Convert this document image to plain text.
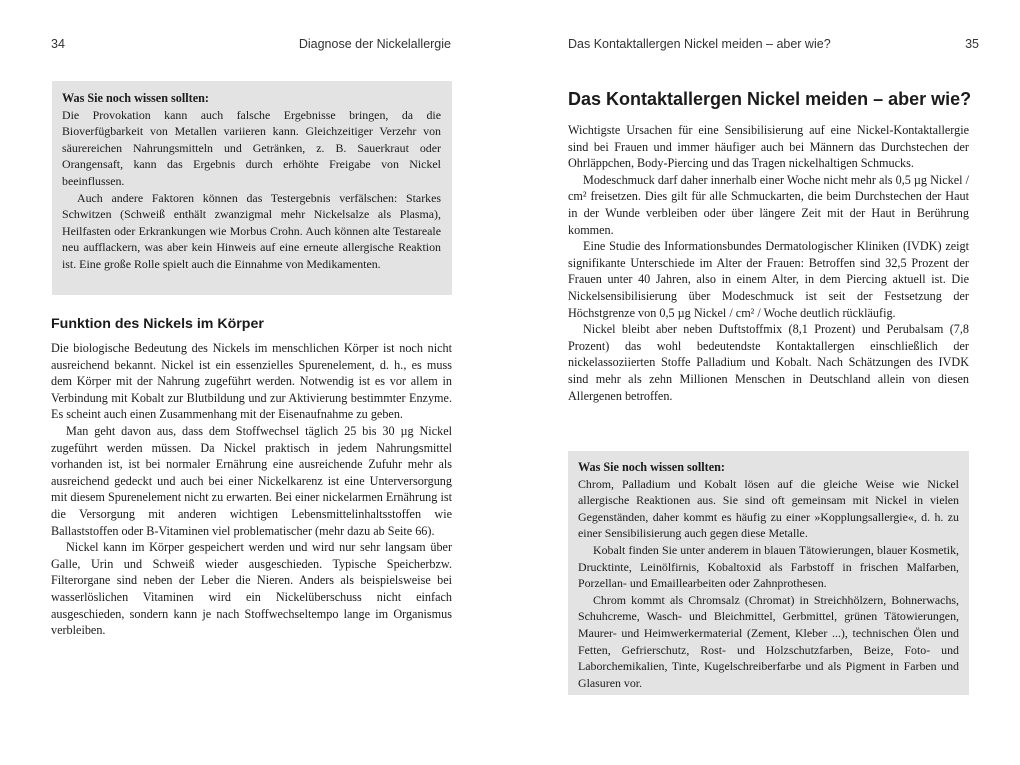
34	Diagnose der Nickelallergie

Was Sie noch wissen sollten:

Die Provokation kann auch falsche Ergebnisse bringen, da die Bioverfügbarkeit von Metallen variieren kann. Gleichzeitiger Verzehr von säurereichen Nahrungsmitteln und Getränken, z. B. Sauerkraut oder Orangensaft, kann das Ergebnis durch erhöhte Freigabe von Nickel beeinflussen.

Auch andere Faktoren können das Testergebnis verfälschen: Starkes Schwitzen (Schweiß enthält zwanzigmal mehr Nickelsalze als Plasma), Heilfasten oder Erkrankungen wie Morbus Crohn. Auch können alte Testareale neu aufflackern, was aber kein Hinweis auf eine erneute allergische Reaktion ist. Eine große Rolle spielt auch die Einnahme von Medikamenten.

Funktion des Nickels im Körper

Die biologische Bedeutung des Nickels im menschlichen Körper ist noch nicht ausreichend bekannt. Nickel ist ein essenzielles Spurenelement, d. h., es muss dem Körper mit der Nahrung zugeführt werden. Notwendig ist es vor allem in Verbindung mit Kobalt zur Blutbildung und zur Aktivierung bestimmter Enzyme. Es scheint auch einen Zusammenhang mit der Eisenaufnahme zu geben.

Man geht davon aus, dass dem Stoffwechsel täglich 25 bis 30 µg Nickel zugeführt werden müssen. Da Nickel praktisch in jedem Nahrungsmittel vorhanden ist, ist bei normaler Ernährung eine ausreichende Zufuhr mehr als ausreichend gedeckt und auch bei einer Nickelkarenz ist eine Unterversorgung mit diesem Spurenelement nicht zu erwarten. Bei einer nickelarmen Ernährung ist die Versorgung mit anderen wichtigen Lebensmittelinhaltsstoffen wie Ballaststoffen oder B-Vitaminen viel problematischer (mehr dazu ab Seite 66).

Nickel kann im Körper gespeichert werden und wird nur sehr langsam über Galle, Urin und Schweiß wieder ausgeschieden. Typische Speicherbzw. Filterorgane sind neben der Leber die Nieren. Anders als beispielsweise bei wasserlöslichen Vitaminen wird ein Nickelüberschuss nicht einfach ausgeschieden, sondern kann je nach Stoffwechseltempo lange im Organismus verbleiben.

Das Kontaktallergen Nickel meiden – aber wie?	35
Das Kontaktallergen Nickel meiden – aber wie?

Wichtigste Ursachen für eine Sensibilisierung auf eine Nickel-Kontaktallergie sind bei Frauen und immer häufiger auch bei Männern das Durchstechen der Ohrläppchen, Body-Piercing und das Tragen nickelhaltigen Schmucks.

Modeschmuck darf daher innerhalb einer Woche nicht mehr als 0,5 µg Nickel / cm² freisetzen. Dies gilt für alle Schmuckarten, die beim Durchstechen der Haut in der Wunde verbleiben oder über längere Zeit mit der Haut in Berührung kommen.

Eine Studie des Informationsbundes Dermatologischer Kliniken (IVDK) zeigt signifikante Unterschiede im Alter der Frauen: Betroffen sind 32,5 Prozent der Frauen unter 40 Jahren, also in einem Alter, in dem Piercing aktuell ist. Die Nickelsensibilisierung über Modeschmuck ist seit der Festsetzung der Höchstgrenze von 0,5 µg Nickel / cm² / Woche deutlich rückläufig.

Nickel bleibt aber neben Duftstoffmix (8,1 Prozent) und Perubalsam (7,8 Prozent) das wohl bedeutendste Kontaktallergen einschließlich der nickelassoziierten Stoffe Palladium und Kobalt. Nach Schätzungen des IVDK sind mehr als zehn Millionen Menschen in Deutschland allein von diesen Allergenen betroffen.

Was Sie noch wissen sollten:

Chrom, Palladium und Kobalt lösen auf die gleiche Weise wie Nickel allergische Reaktionen aus. Sie sind oft gemeinsam mit Nickel in vielen Gegenständen, daher kommt es häufig zu einer »Kopplungsallergie«, d. h. zu einer Sensibilisierung auch gegen diese Metalle.

Kobalt finden Sie unter anderem in blauen Tätowierungen, blauer Kosmetik, Drucktinte, Leinölfirnis, Kobaltoxid als Farbstoff in frischen Malfarben, Porzellan- und Emaillearbeiten oder Zahnprothesen.

Chrom kommt als Chromsalz (Chromat) in Streichhölzern, Bohnerwachs, Schuhcreme, Wasch- und Bleichmittel, Gerbmittel, grünen Tätowierungen, Maurer- und Heimwerkermaterial (Zement, Kleber ...), technischen Ölen und Fetten, Gefrierschutz, Rost- und Holzschutzfarben, Beize, Foto- und Laborchemikalien, Tinte, Kugelschreiberfarbe und als Pigment in Farben und Glasuren vor.
